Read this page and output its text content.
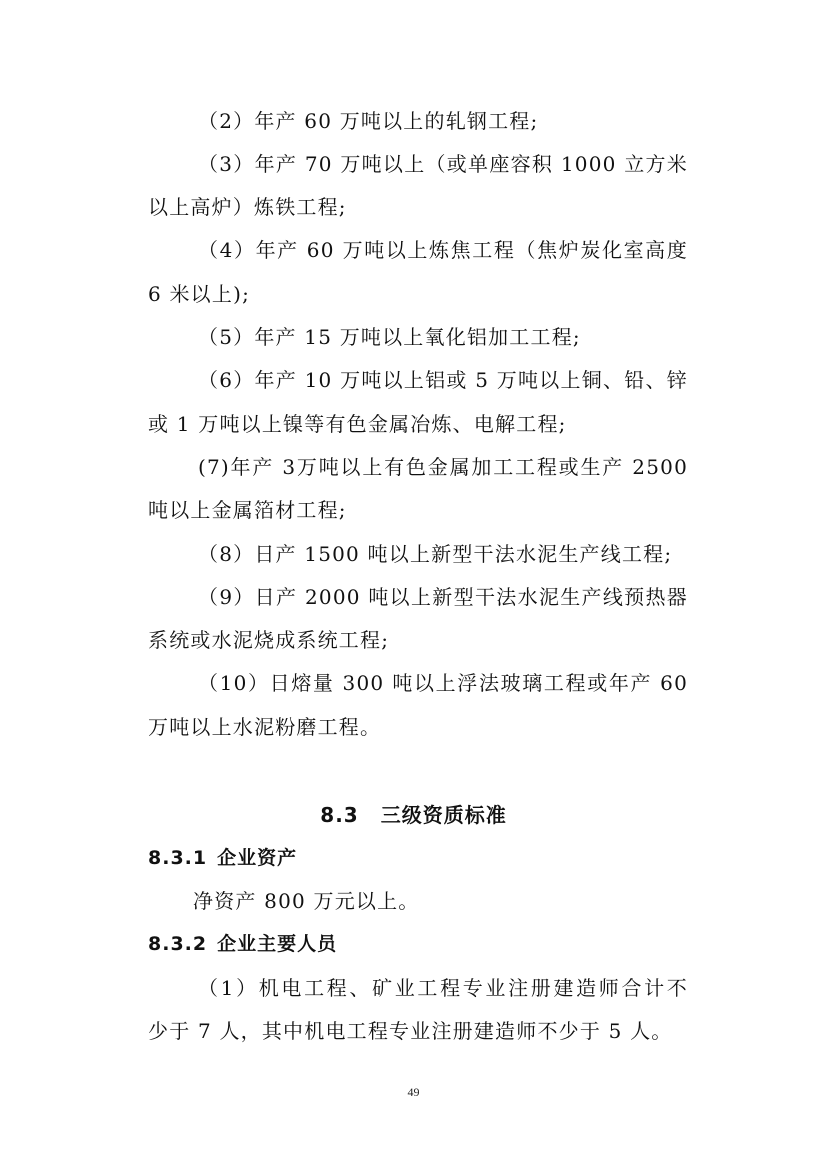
（2）年产 60 万吨以上的轧钢工程;
（3）年产 70 万吨以上（或单座容积 1000 立方米
以上高炉）炼铁工程;
（4）年产 60 万吨以上炼焦工程（焦炉炭化室高度
6 米以上);
（5）年产 15 万吨以上氧化铝加工工程;
（6）年产 10 万吨以上铝或 5 万吨以上铜、铅、锌
或 1 万吨以上镍等有色金属冶炼、电解工程;
(7)年产 3万吨以上有色金属加工工程或生产 2500
吨以上金属箔材工程;
（8）日产 1500 吨以上新型干法水泥生产线工程;
（9）日产 2000 吨以上新型干法水泥生产线预热器
系统或水泥烧成系统工程;
（10）日熔量 300 吨以上浮法玻璃工程或年产 60
万吨以上水泥粉磨工程。
8.3 三级资质标准
8.3.1 企业资产
净资产 800 万元以上。
8.3.2 企业主要人员
（1）机电工程、矿业工程专业注册建造师合计不
少于 7 人，其中机电工程专业注册建造师不少于 5 人。
49
